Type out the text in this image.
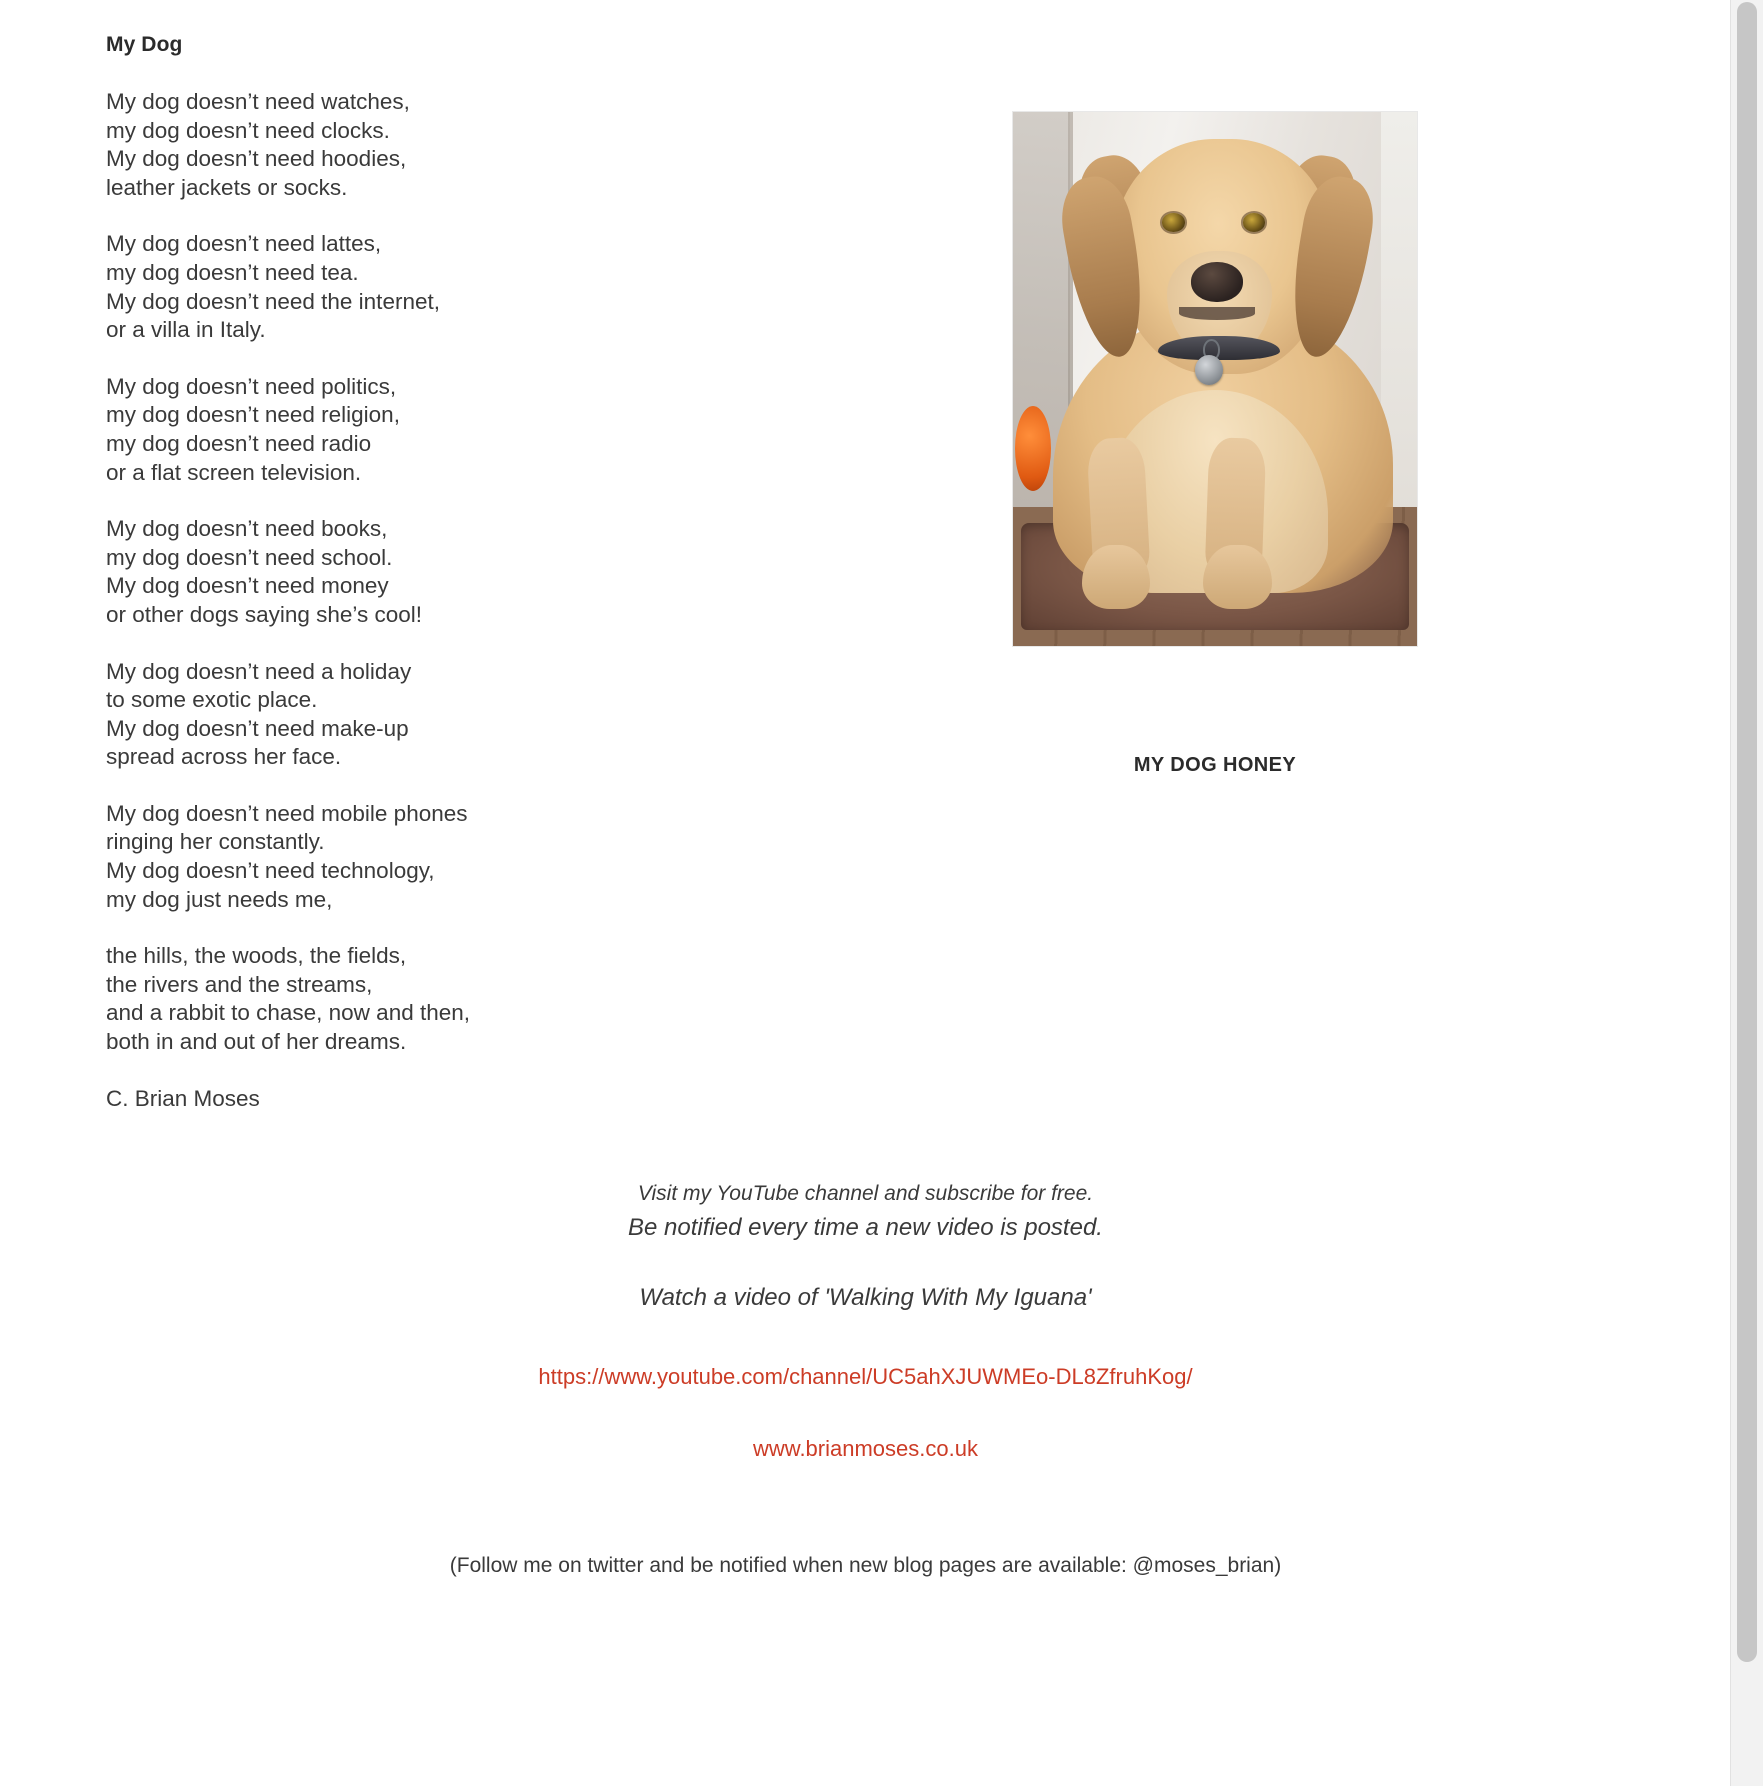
My Dog
My dog doesn’t need watches,
my dog doesn’t need clocks.
My dog doesn’t need hoodies,
leather jackets or socks.
My dog doesn’t need lattes,
my dog doesn’t need tea.
My dog doesn’t need the internet,
or a villa in Italy.
My dog doesn’t need politics,
my dog doesn’t need religion,
my dog doesn’t need radio
or a flat screen television.
My dog doesn’t need books,
my dog doesn’t need school.
My dog doesn’t need money
or other dogs saying she’s cool!
My dog doesn’t need a holiday
to some exotic place.
My dog doesn’t need make-up
spread across her face.
My dog doesn’t need mobile phones
ringing her constantly.
My dog doesn’t need technology,
my dog just needs me,
the hills, the woods, the fields,
the rivers and the streams,
and a rabbit to chase, now and then,
both in and out of her dreams.
C. Brian Moses
MY DOG HONEY
Visit my YouTube channel and subscribe for free.
Be notified every time a new video is posted.
Watch a video of 'Walking With My Iguana'
https://www.youtube.com/channel/UC5ahXJUWMEo-DL8ZfruhKog/
www.brianmoses.co.uk
(Follow me on twitter and be notified when new blog pages are available: @moses_brian)
